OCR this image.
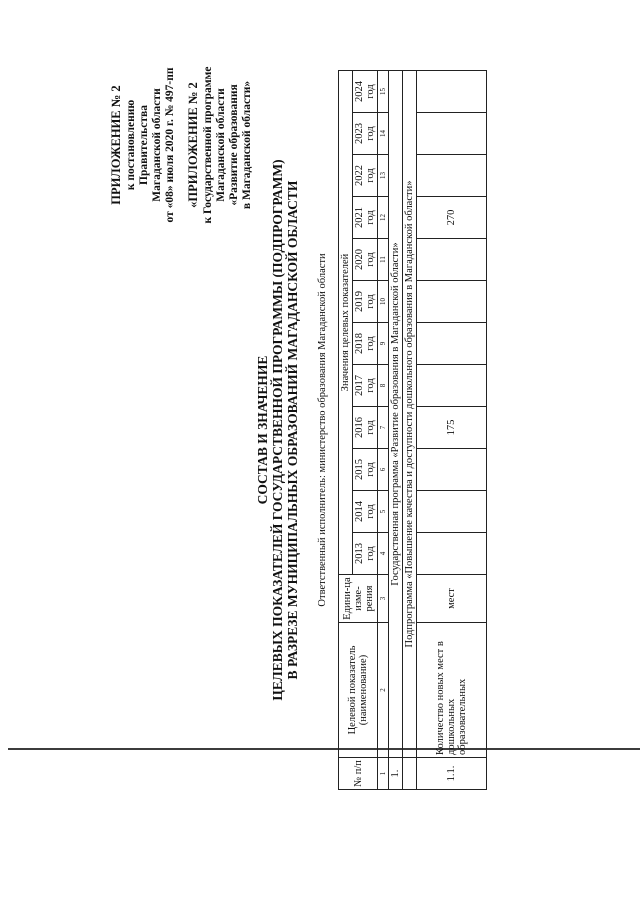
ПРИЛОЖЕНИЕ № 2 к постановлению Правительства Магаданской области от «08» июля 2020 г. № 497-пп «ПРИЛОЖЕНИЕ № 2 к Государственной программе Магаданской области «Развитие образования в Магаданской области»
СОСТАВ И ЗНАЧЕНИЕ ЦЕЛЕВЫХ ПОКАЗАТЕЛЕЙ ГОСУДАРСТВЕННОЙ ПРОГРАММЫ (ПОДПРОГРАММ) В РАЗРЕЗЕ МУНИЦИПАЛЬНЫХ ОБРАЗОВАНИЙ МАГАДАНСКОЙ ОБЛАСТИ Ответственный исполнитель: министерство образования Магаданской области
№ п/п	Целевой показатель (наименование)	Едини-ца изме-рения	Значения целевых показателей											
			2013 год	2014 год	2015 год	2016 год	2017 год	2018 год	2019 год	2020 год	2021 год	2022 год	2023 год	2024 год
1	2	3	4	5	6	7	8	9	10	11	12	13	14	15
1.	Государственная программа «Развитие образования в Магаданской области»													
	Подпрограмма «Повышение качества и доступности дошкольного образования в Магаданской области»													
1.1.	Количество новых мест в дошкольных образовательных	мест				175					270			
